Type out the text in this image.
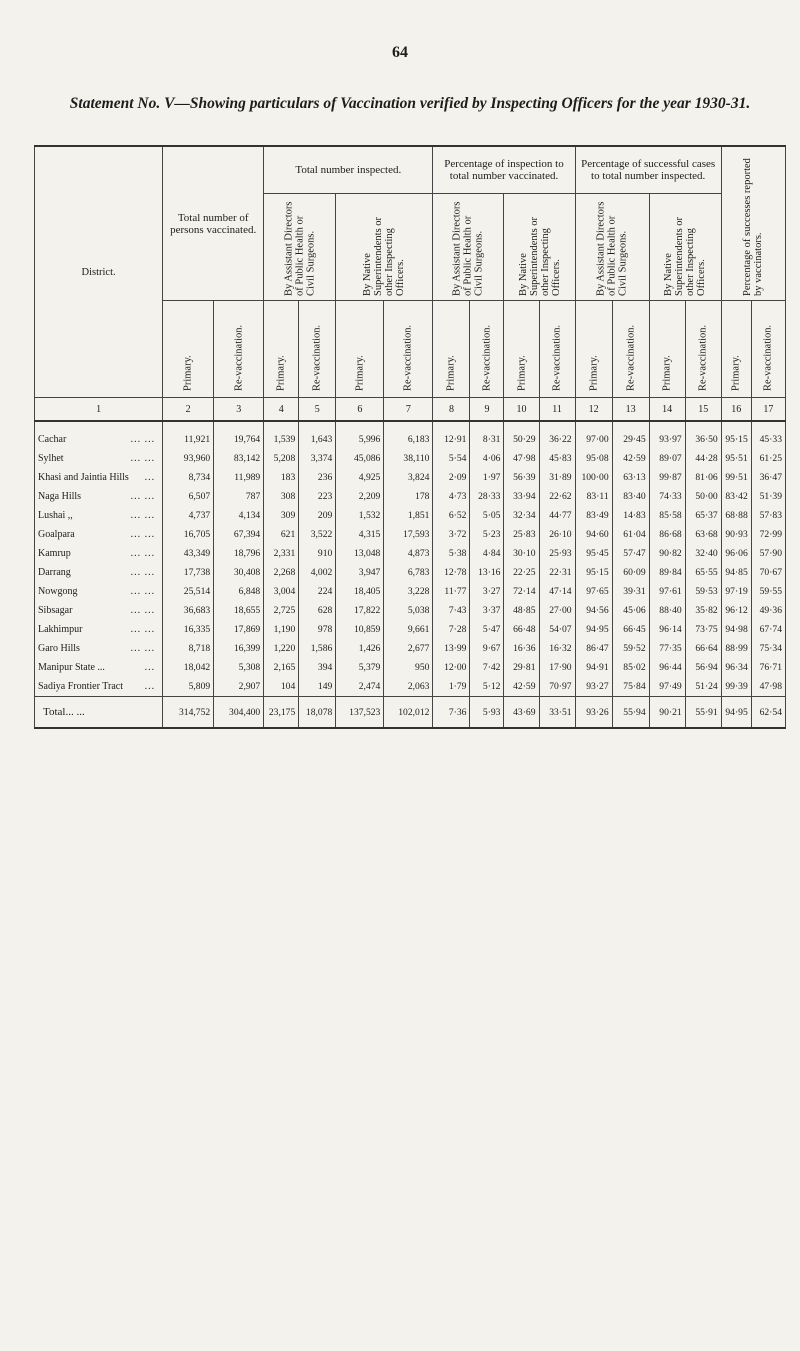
64
Statement No. V—Showing particulars of Vaccination verified by Inspecting Officers for the year 1930-31.
District.	Total number of persons vaccinated.		Total number inspected.				Percentage of inspection to total number vaccinated.				Percentage of successful cases to total number inspected.				Percentage of successes reported by vaccinators.	

			By Assistant Directors of Public Health or Civil Surgeons.		By Native Superintendents or other Inspecting Officers.		By Assistant Directors of Public Health or Civil Surgeons.		By Native Superintendents or other Inspecting Officers.		By Assistant Directors of Public Health or Civil Surgeons.		By Native Superintendents or other Inspecting Officers.			

	Primary.	Re-vaccination.	Primary.	Re-vaccination.	Primary.	Re-vaccination.	Primary.	Re-vaccination.	Primary.	Re-vaccination.	Primary.	Re-vaccination.	Primary.	Re-vaccination.	Primary.	Re-vaccination.

1	2	3	4	5	6	7	8	9	10	11	12	13	14	15	16	17
Cachar ... ...	11,921	19,764	1,539	1,643	5,996	6,183	12·91	8·31	50·29	36·22	97·00	29·45	93·97	36·50	95·15	45·33
Sylhet ... ...	93,960	83,142	5,208	3,374	45,086	38,110	5·54	4·06	47·98	45·83	95·08	42·59	89·07	44·28	95·51	61·25
Khasi and Jaintia Hills ...	8,734	11,989	183	236	4,925	3,824	2·09	1·97	56·39	31·89	100·00	63·13	99·87	81·06	99·51	36·47
Naga Hills ... ...	6,507	787	308	223	2,209	178	4·73	28·33	33·94	22·62	83·11	83·40	74·33	50·00	83·42	51·39
Lushai ,, ... ...	4,737	4,134	309	209	1,532	1,851	6·52	5·05	32·34	44·77	83·49	14·83	85·58	65·37	68·88	57·83
Goalpara ... ...	16,705	67,394	621	3,522	4,315	17,593	3·72	5·23	25·83	26·10	94·60	61·04	86·68	63·68	90·93	72·99
Kamrup ... ...	43,349	18,796	2,331	910	13,048	4,873	5·38	4·84	30·10	25·93	95·45	57·47	90·82	32·40	96·06	57·90
Darrang ... ...	17,738	30,408	2,268	4,002	3,947	6,783	12·78	13·16	22·25	22·31	95·15	60·09	89·84	65·55	94·85	70·67
Nowgong ... ...	25,514	6,848	3,004	224	18,405	3,228	11·77	3·27	72·14	47·14	97·65	39·31	97·61	59·53	97·19	59·55
Sibsagar ... ...	36,683	18,655	2,725	628	17,822	5,038	7·43	3·37	48·85	27·00	94·56	45·06	88·40	35·82	96·12	49·36
Lakhimpur ... ...	16,335	17,869	1,190	978	10,859	9,661	7·28	5·47	66·48	54·07	94·95	66·45	96·14	73·75	94·98	67·74
Garo Hills ... ...	8,718	16,399	1,220	1,586	1,426	2,677	13·99	9·67	16·36	16·32	86·47	59·52	77·35	66·64	88·99	75·34
Manipur State ... ...	18,042	5,308	2,165	394	5,379	950	12·00	7·42	29·81	17·90	94·91	85·02	96·44	56·94	96·34	76·71
Sadiya Frontier Tract ...	5,809	2,907	104	149	2,474	2,063	1·79	5·12	42·59	70·97	93·27	75·84	97·49	51·24	99·39	47·98
Total... ...	314,752	304,400	23,175	18,078	137,523	102,012	7·36	5·93	43·69	33·51	93·26	55·94	90·21	55·91	94·95	62·54
